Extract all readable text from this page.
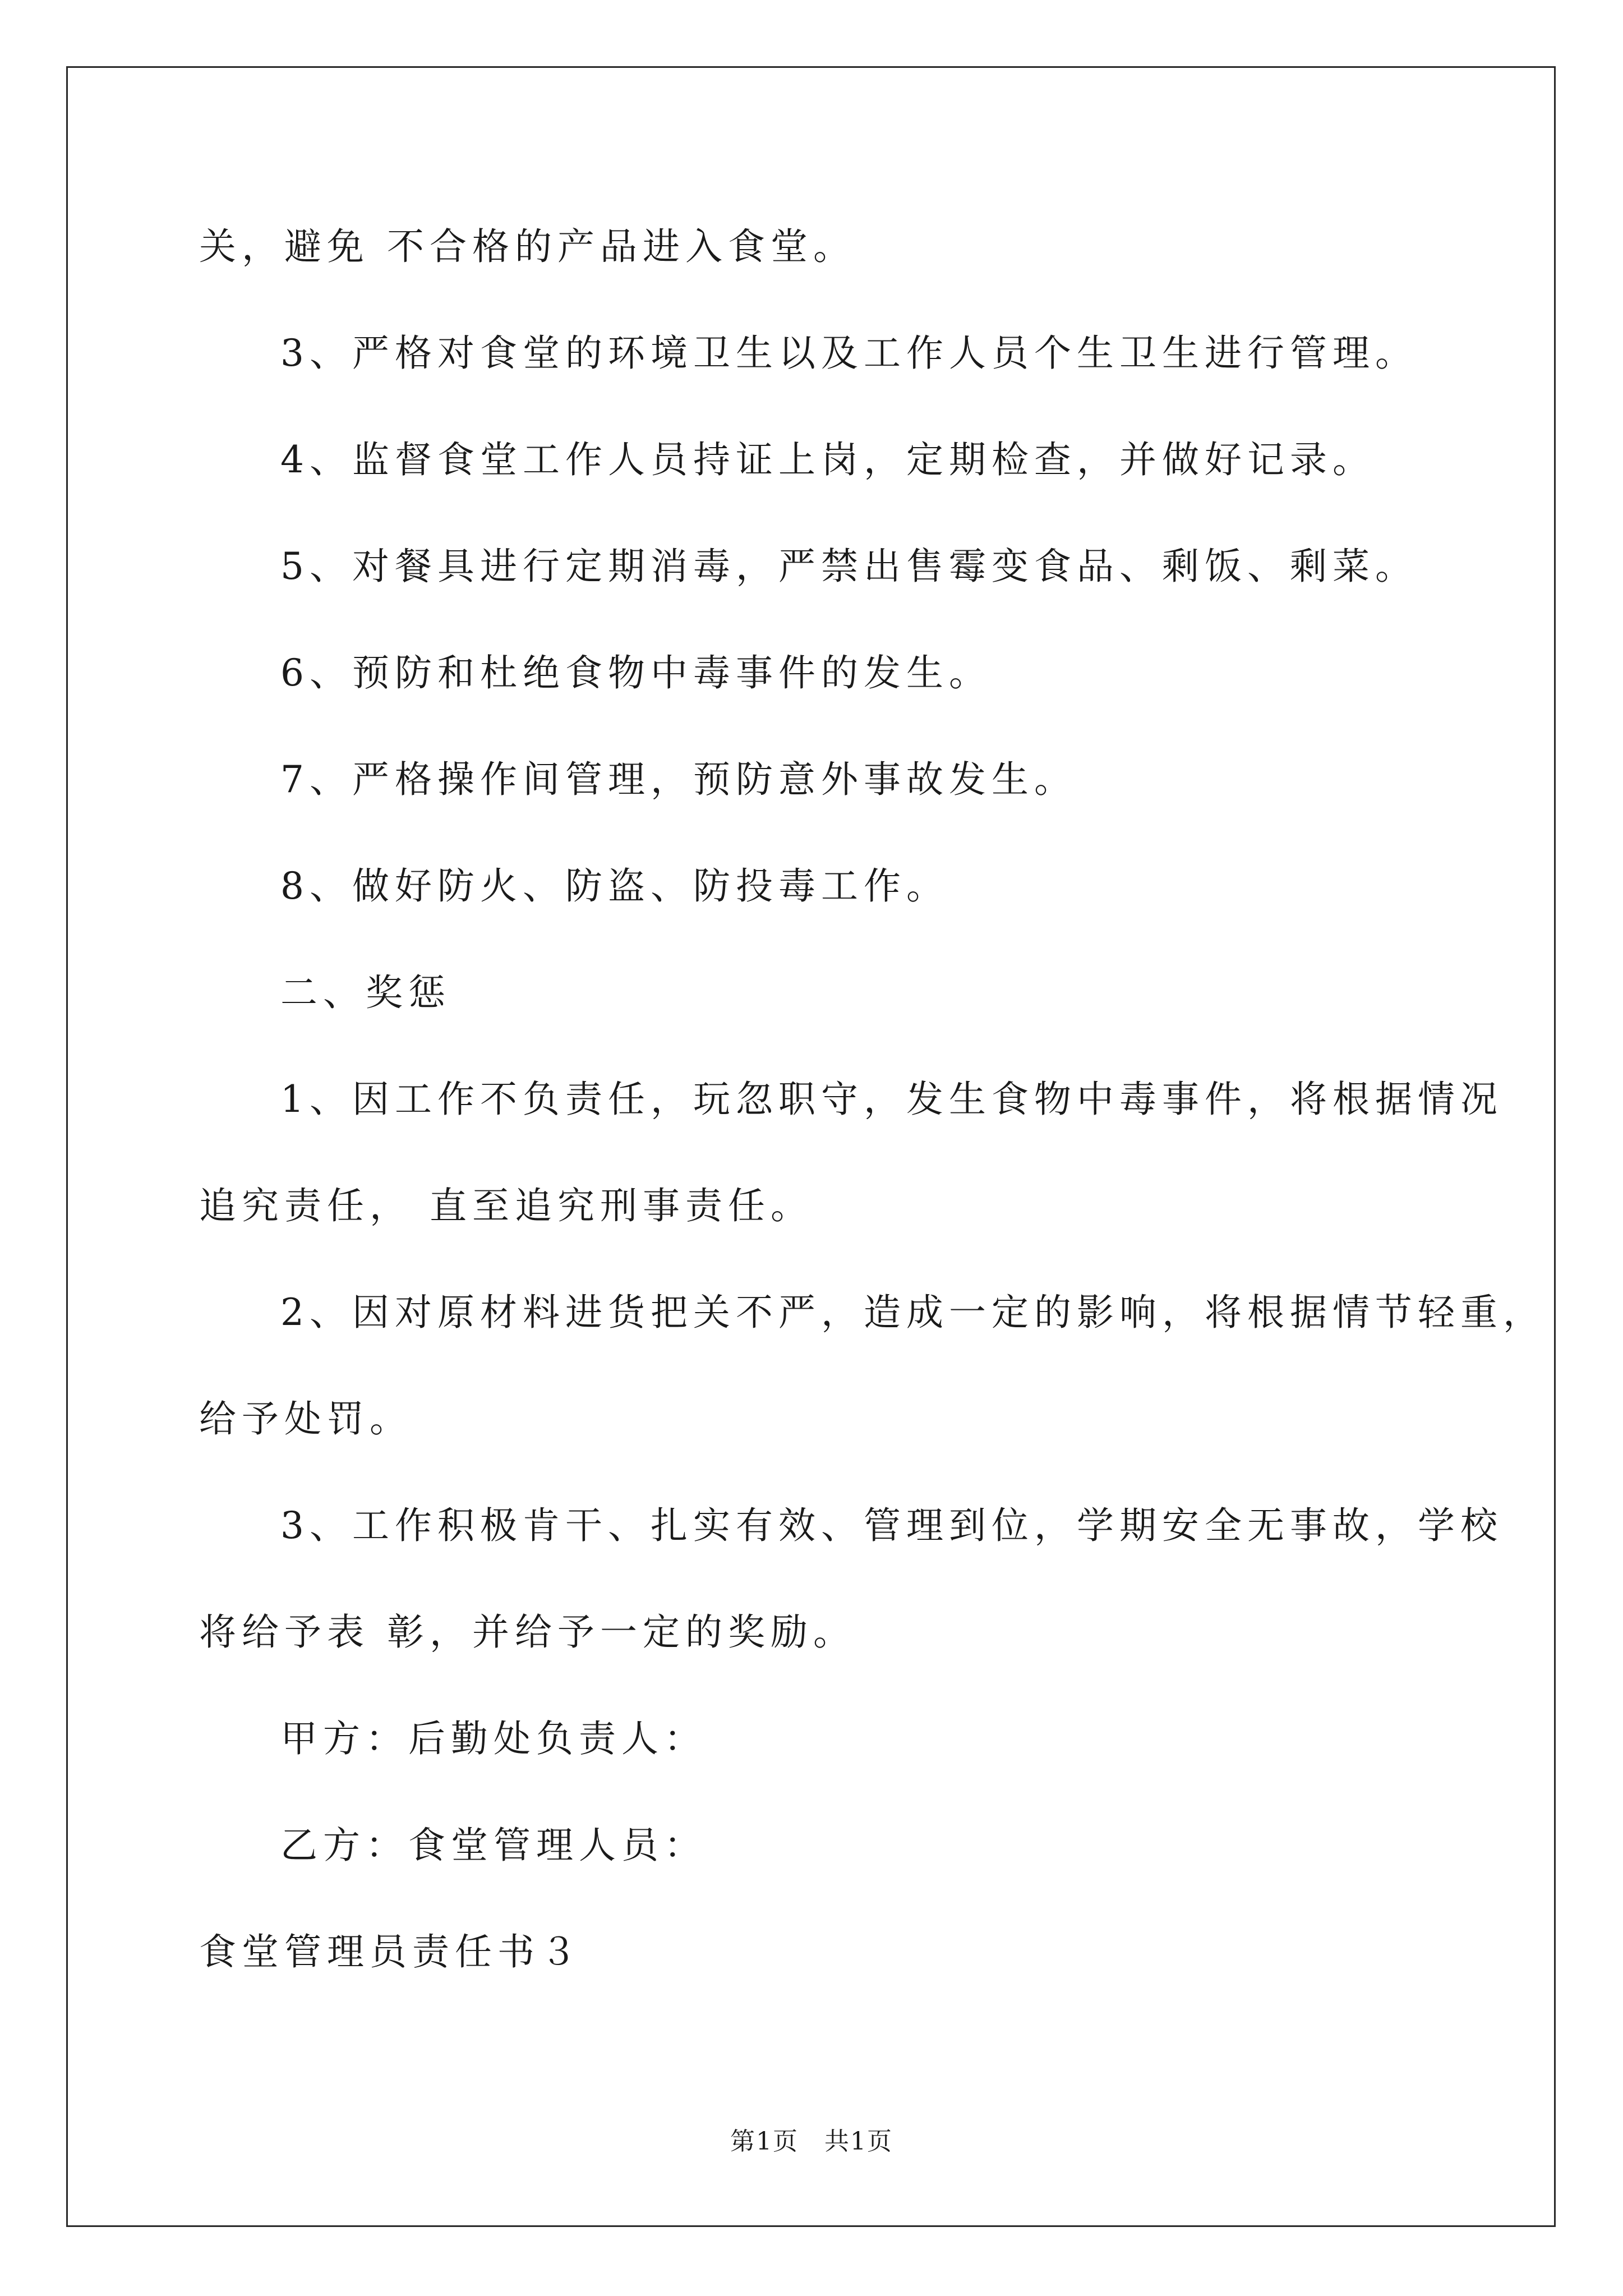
关，避免 不合格的产品进入食堂。
3、严格对食堂的环境卫生以及工作人员个生卫生进行管理。
4、监督食堂工作人员持证上岗，定期检查，并做好记录。
5、对餐具进行定期消毒，严禁出售霉变食品、剩饭、剩菜。
6、预防和杜绝食物中毒事件的发生。
7、严格操作间管理，预防意外事故发生。
8、做好防火、防盗、防投毒工作。
二、奖惩
1、因工作不负责任，玩忽职守，发生食物中毒事件，将根据情况
追究责任， 直至追究刑事责任。
2、因对原材料进货把关不严，造成一定的影响，将根据情节轻重，
给予处罚。
3、工作积极肯干、扎实有效、管理到位，学期安全无事故，学校
将给予表 彰，并给予一定的奖励。
甲方：后勤处负责人：
乙方：食堂管理人员：
食堂管理员责任书３
第1页　共1页
